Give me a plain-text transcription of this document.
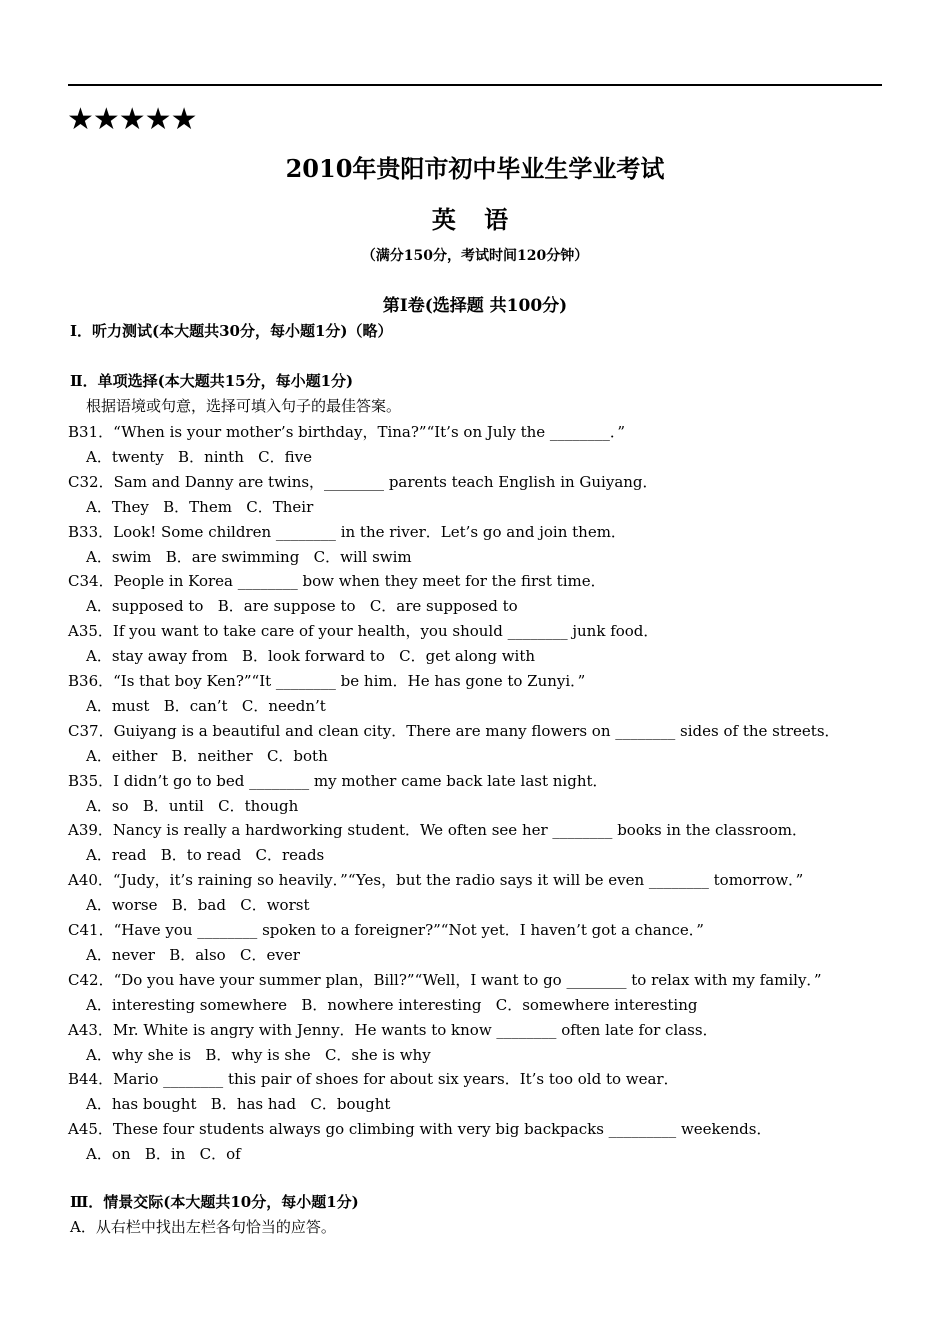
★★★★★
2010年贵阳市初中毕业生学业考试
英 语
（满分150分，考试时间120分钟）
第Ⅰ卷(选择题 共100分)
Ⅰ．听力测试(本大题共30分，每小题1分)（略）
Ⅱ．单项选择(本大题共15分，每小题1分)
根据语境或句意，选择可填入句子的最佳答案。
B31．“When is your mother’s birthday，Tina?”“It’s on July the ________．”
A．twenty   B．ninth   C．five
C32．Sam and Danny are twins，________ parents teach English in Guiyang．
A．They   B．Them   C．Their
B33．Look! Some children ________ in the river．Let’s go and join them．
A．swim   B．are swimming   C．will swim
C34．People in Korea ________ bow when they meet for the first time．
A．supposed to   B．are suppose to   C．are supposed to
A35．If you want to take care of your health，you should ________ junk food．
A．stay away from   B．look forward to   C．get along with
B36．“Is that boy Ken?”“It ________ be him．He has gone to Zunyi．”
A．must   B．can’t   C．needn’t
C37．Guiyang is a beautiful and clean city．There are many flowers on ________ sides of the streets．
A．either   B．neither   C．both
B35．I didn’t go to bed ________ my mother came back late last night．
A．so   B．until   C．though
A39．Nancy is really a hardworking student．We often see her ________ books in the classroom．
A．read   B．to read   C．reads
A40．“Judy，it’s raining so heavily．”“Yes，but the radio says it will be even ________ tomorrow．”
A．worse   B．bad   C．worst
C41．“Have you ________ spoken to a foreigner?”“Not yet．I haven’t got a chance．”
A．never   B．also   C．ever
C42．“Do you have your summer plan，Bill?”“Well，I want to go ________ to relax with my family．”
A．interesting somewhere   B．nowhere interesting   C．somewhere interesting
A43．Mr. White is angry with Jenny．He wants to know ________ often late for class．
A．why she is   B．why is she   C．she is why
B44．Mario ________ this pair of shoes for about six years．It’s too old to wear．
A．has bought   B．has had   C．bought
A45．These four students always go climbing with very big backpacks _________ weekends．
A．on   B．in   C．of
Ⅲ．情景交际(本大题共10分，每小题1分)
A．从右栏中找出左栏各句恰当的应答。
